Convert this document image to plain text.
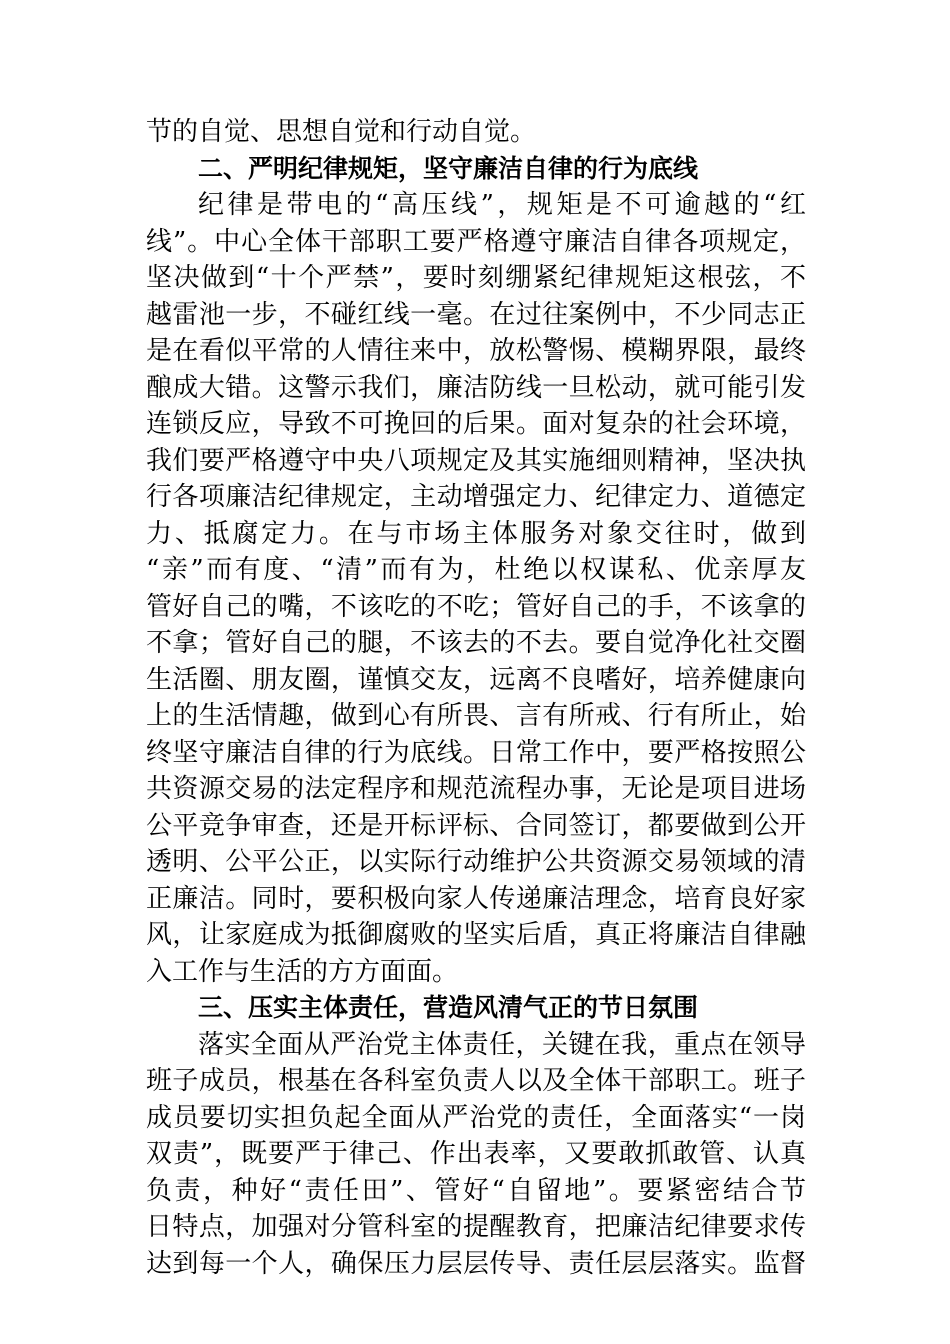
节的自觉、思想自觉和行动自觉。
二、严明纪律规矩，坚守廉洁自律的行为底线
纪律是带电的“高压线”，规矩是不可逾越的“红
线”。中心全体干部职工要严格遵守廉洁自律各项规定，
坚决做到“十个严禁”，要时刻绷紧纪律规矩这根弦，不
越雷池一步，不碰红线一毫。在过往案例中，不少同志正
是在看似平常的人情往来中，放松警惕、模糊界限，最终
酿成大错。这警示我们，廉洁防线一旦松动，就可能引发
连锁反应，导致不可挽回的后果。面对复杂的社会环境，
我们要严格遵守中央八项规定及其实施细则精神，坚决执
行各项廉洁纪律规定，主动增强定力、纪律定力、道德定
力、抵腐定力。在与市场主体服务对象交往时，做到
“亲”而有度、“清”而有为，杜绝以权谋私、优亲厚友
管好自己的嘴，不该吃的不吃；管好自己的手，不该拿的
不拿；管好自己的腿，不该去的不去。要自觉净化社交圈
生活圈、朋友圈，谨慎交友，远离不良嗜好，培养健康向
上的生活情趣，做到心有所畏、言有所戒、行有所止，始
终坚守廉洁自律的行为底线。日常工作中，要严格按照公
共资源交易的法定程序和规范流程办事，无论是项目进场
公平竞争审查，还是开标评标、合同签订，都要做到公开
透明、公平公正，以实际行动维护公共资源交易领域的清
正廉洁。同时，要积极向家人传递廉洁理念，培育良好家
风，让家庭成为抵御腐败的坚实后盾，真正将廉洁自律融
入工作与生活的方方面面。
三、压实主体责任，营造风清气正的节日氛围
落实全面从严治党主体责任，关键在我，重点在领导
班子成员，根基在各科室负责人以及全体干部职工。班子
成员要切实担负起全面从严治党的责任，全面落实“一岗
双责”，既要严于律己、作出表率，又要敢抓敢管、认真
负责，种好“责任田”、管好“自留地”。要紧密结合节
日特点，加强对分管科室的提醒教育，把廉洁纪律要求传
达到每一个人，确保压力层层传导、责任层层落实。监督
